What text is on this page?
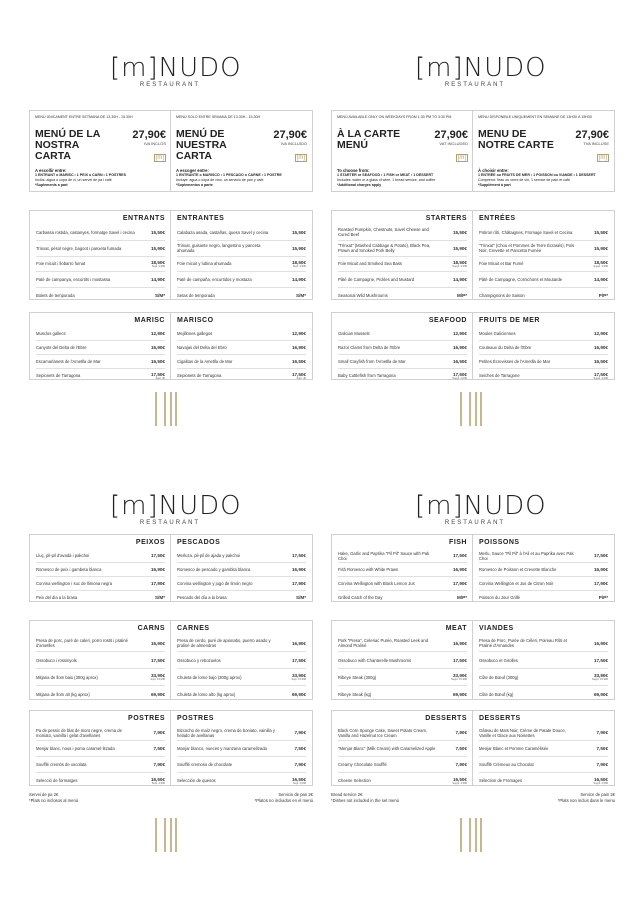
[m]NUDO
RESTAURANT
[m]NUDO
RESTAURANT
[m]NUDO
RESTAURANT
[m]NUDO
RESTAURANT
MENÚ ÚNICAMENT ENTRE SETMANA DE 13.30H - 15.30H
MENÚ DE LA NOSTRA CARTA
27,90€
IVA INCLÒS
[m]
A escollir entre:
1 ENTRANT o MARISC • 1 PEIX o CARN • 1 POSTRES
Inclòs: aigua o copa de vi, un servei de pa i cafè
*Suplements a part
MENÚ SOLO ENTRE SEMANA DE 13.30H - 15.30H
MENÚ DE NUESTRA CARTA
27,90€
IVA INCLUIDO
[m]
A escoger entre:
1 ENTRANTE o MARISCO • 1 PESCADO o CARNE • 1 POSTRE
Incluye: agua o copa de vino, un servicio de pan y café
*Suplementos a parte
MENÚ AVAILABLE ONLY ON WEEKDAYS FROM 1:30 PM TO 3:30 PM
À LA CARTE MENÚ
27,90€
VAT INCLUDED
[m]
To choose from:
1 STARTER or SEAFOOD • 1 FISH or MEAT • 1 DESSERT
Includes: water or a glass of wine, 1 bread service, and coffee
*Additional charges apply
MENU DISPONIBLE UNIQUEMENT EN SEMAINE DE 13H30 À 15H30
MENU DE NOTRE CARTE
27,90€
TVA INCLUSE
[m]
À choisir entre:
1 ENTRÉE ou FRUITS DE MER • 1 POISSON ou VIANDE • 1 DESSERT
Comprend: l'eau ou verre de vin, 1 service de pain et café
*Supplément à part
ENTRANTS
Carbassa rostida, castanyes, formatge Savel i cecina	15,50€
Trinxat, pèsol negre, bagoot i panxeta fumada	15,90€
Foie micuit i llobarro fumat	18,50€
Supl. 3,90€
Paté de campanya, encurtits i mostassa	14,90€
Bolets de temporada	S/M*
ENTRANTES
Calabaza asada, castañas, queso Savel y cecina	15,50€
Trinxat, guisante negro, langostino y panceta ahumada	15,90€
Foie micuit y lubina ahumada	18,50€
Supl. 3,90€
Paté de campaña, encurtidos y mostaza	14,90€
Setas de temporada	S/M*
MARISC
Musclos gallecs	12,90€
Canyots del Delta de l'Ebre	16,90€
Escamarlanets de l'Ametlla de Mar	16,50€
Sepionets de Tarragona	17,50€
Supl. 4€
MARISCO
Mejillones gallegos	12,90€
Navajas del Delta del Ebro	16,90€
Cigalitas de la Ametlla de Mar	16,50€
Sepionets de Tarragona	17,50€
Supl. 4€
STARTERS
Roasted Pumpkin, Chestnuts, Savel Cheese and Cured Beef	15,50€
"Trinxat" (Mashed Cabbage & Potato), Black Pea, Prawn and Smoked Pork Belly	15,90€
Foie Micuit and Smoked Sea Bass	18,50€
Suppl. 3,90€
Pâté de Campagne, Pickles and Mustard	14,90€
Seasonal Wild Mushrooms	M/P*
ENTRÉES
Potiron rôti, Châtaignes, Fromage Savel et Cecina	15,50€
"Trinxat" (Chou et Pommes de Terre Écrasés), Pois Noir, Crevette et Pancetta Fumée	15,90€
Foie Micuit et Bar Fumé	18,50€
Suppl. 3,90€
Pâté de Campagne, Cornichons et Moutarde	14,90€
Champignons de Saison	P/P*
SEAFOOD
Galician Mussels	12,90€
Razor Clams from Delta de l'Ebre	16,90€
Small Crayfish from l'Ametlla de Mar	16,50€
Baby Cuttlefish from Tarragona	17,50€
Suppl. 4,00€
FRUITS DE MER
Moules Galiciennes	12,90€
Couteaux du Delta de l'Ebre	16,90€
Petites Écrevisses de l'Ametlla de Mar	16,50€
Seiches de Tarragone	17,50€
Suppl. 4,00€
PEIXOS
Lluç, pil-pil d'avadà i pakchoi	17,50€
Romesco de peix i gambeta blanca	16,90€
Corvina wellington i suc de llimona negra	17,90€
Peix del dia a la brasa	S/M*
PESCADOS
Merluza, pil-pil de ajada y pakchoi	17,50€
Romesco de pescado y gambita blanca	16,90€
Corvina wellington y jugo de limón negro	17,90€
Pescado del día a la brasa	S/M*
CARNS
Presa de porc, puré de caleri, porro rostit i praliné d'ametlles	16,90€
Ossobuco i rossinyols	17,50€
Mitjana de llom baix (300g aprox)	33,90€
Supl. 15,90€
Mitjana de llom alt (kg aprox)	69,90€
CARNES
Presa de cerdo, puré de apionabo, puerro asado y praliné de almendras	16,90€
Ossobuco y rebozuelos	17,50€
Chuleta de lomo bajo (300g aprox)	33,90€
Supl. 15,90€
Chuleta de lomo alto (kg aprox)	69,90€
POSTRES
Pa de pessic de blat de moro negre, crema de moniato, vainilla i gelat d'avellanes	7,90€
Menjar blanc, nous i poma caramel·litzada	7,50€
Soufflé cremós de xocolata	7,90€
Selecció de formatges	16,50€
Supl. 4,50€
POSTRES
Bizcocho de maíz negro, crema de boniato, vainilla y helado de avellanas	7,90€
Manjar blanco, nueces y manzana caramelizada	7,50€
Soufflé cremoso de chocolate	7,90€
Selección de quesos	16,50€
Supl. 4,50€
FISH
Hake, Garlic and Paprika "Pil Pil" Sauce with Pak Choi	17,50€
Fish Romesco with White Prawn	16,90€
Corvina Wellington with Black Lemon Jus	17,90€
Grilled Catch of the Day	M/P*
POISSONS
Merlu, Sauce "Pil Pil" à l'Ail et au Paprika avec Pak Choi	17,50€
Romesco de Poisson et Crevette Blanche	16,90€
Corvina Wellington et Jus de Citron Noir	17,90€
Poisson du Jour Grillé	P/P*
MEAT
Pork "Presa", Celeriac Purée, Roasted Leek and Almond Praliné	16,90€
Ossobuco with Chanterelle Mushrooms	17,50€
Ribeye Steak (300g)	33,90€
Suppl. 15,90€
Ribeye Steak (kg)	69,90€
VIANDES
Presa de Porc, Purée de Céleri, Poireau Rôti et Praliné d'Amandes	16,90€
Ossobuco et Girolles	17,50€
Côte de Bœuf (300g)	33,90€
Suppl. 15,90€
Côte de Bœuf (kg)	69,90€
DESSERTS
Black Corn Sponge Cake, Sweet Potato Cream, Vanilla and Hazelnut Ice Cream	7,90€
"Menjar Blanc" (Milk Cream) with Caramelized Apple	7,50€
Creamy Chocolate Soufflé	7,90€
Cheese Selection	16,50€
Suppl. 4,50€
DESSERTS
Gâteau de Maïs Noir, Crème de Patate Douce, Vanille et Glace aux Noisettes	7,90€
Menjar Blanc et Pomme Caramélisée	7,50€
Soufflé Crémeux au Chocolat	7,90€
Sélection de Fromages	16,50€
Suppl. 4,50€
Servei de pa 2€
*Plats no inclosos al menú
Servicio de pan 2€
*Platos no incluidos en el menú
Bread service 2€
*Dishes not included in the set menú
Service de pain 2€
*Plats non inclus dans le menu
